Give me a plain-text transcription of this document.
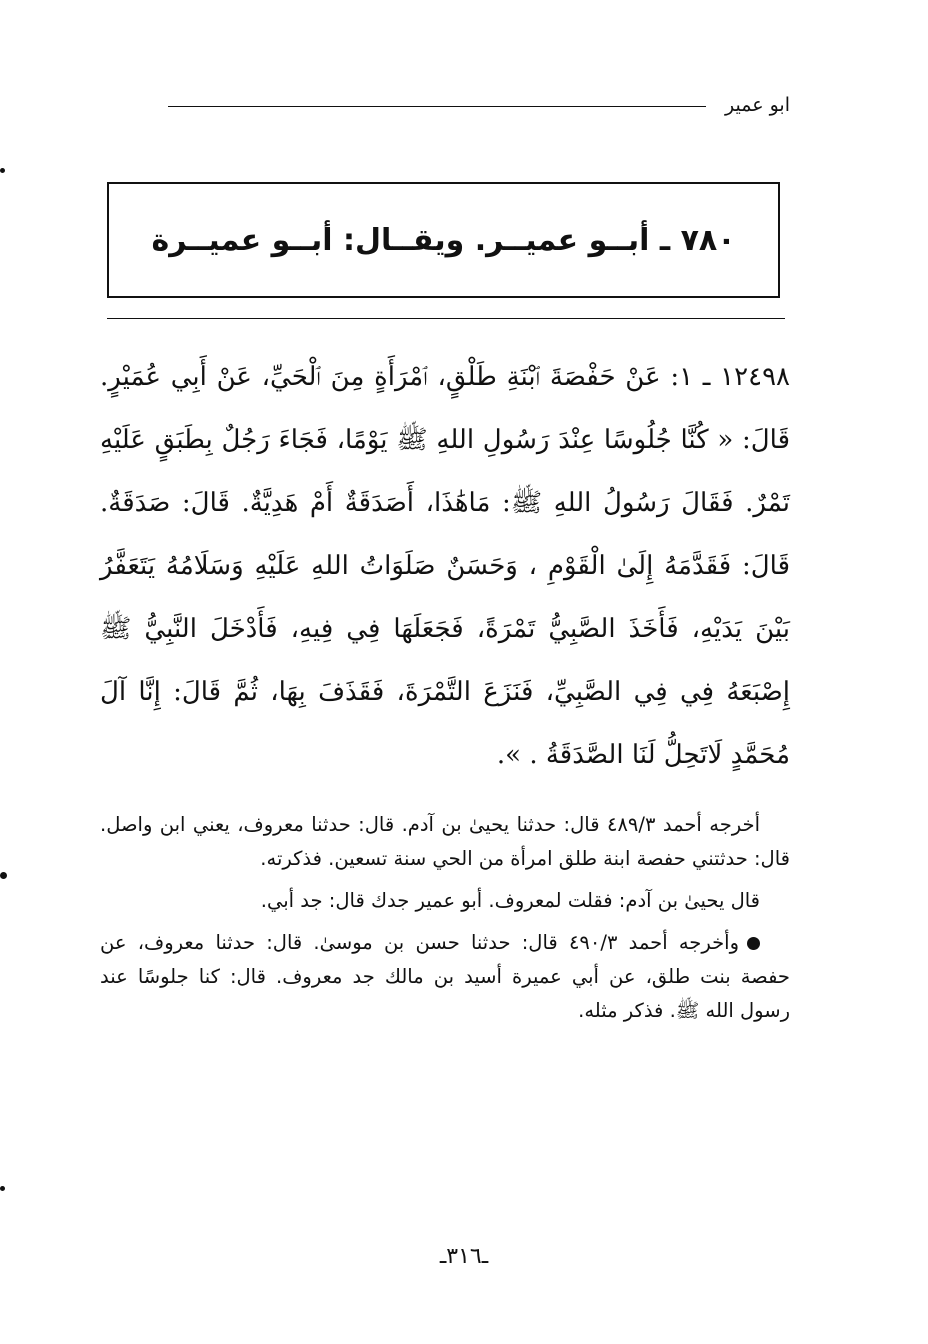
ابو عمير
٧٨٠ ـ أبــو عميــر. ويقــال: أبــو عميــرة

١٢٤٩٨ ـ ١: عَنْ حَفْصَةَ ٱبْنَةِ طَلْقٍ، ٱمْرَأَةٍ مِنَ ٱلْحَيِّ، عَنْ أَبِي عُمَيْرٍ. قَالَ: « كُنَّا جُلُوسًا عِنْدَ رَسُولِ اللهِ ﷺ يَوْمًا، فَجَاءَ رَجُلٌ بِطَبَقٍ عَلَيْهِ تَمْرٌ. فَقَالَ رَسُولُ اللهِ ﷺ: مَاهَٰذَا، أَصَدَقَةٌ أَمْ هَدِيَّةٌ. قَالَ: صَدَقَةٌ. قَالَ: فَقَدَّمَهُ إِلَىٰ الْقَوْمِ ، وَحَسَنٌ صَلَوَاتُ اللهِ عَلَيْهِ وَسَلَامُهُ يَتَعَفَّرُ بَيْنَ يَدَيْهِ، فَأَخَذَ الصَّبِيُّ تَمْرَةً، فَجَعَلَهَا فِي فِيهِ، فَأَدْخَلَ النَّبِيُّ ﷺ إِصْبَعَهُ فِي فِي الصَّبِيِّ، فَنَزَعَ التَّمْرَةَ، فَقَذَفَ بِهَا، ثُمَّ قَالَ: إِنَّا آلَ مُحَمَّدٍ لَاتَحِلُّ لَنَا الصَّدَقَةُ . ».

أخرجه أحمد ٤٨٩/٣ قال: حدثنا يحيىٰ بن آدم. قال: حدثنا معروف، يعني ابن واصل. قال: حدثتني حفصة ابنة طلق امرأة من الحي سنة تسعين. فذكرته.

قال يحيىٰ بن آدم: فقلت لمعروف. أبو عمير جدك قال: جد أبي.

وأخرجه أحمد ٤٩٠/٣ قال: حدثنا حسن بن موسىٰ. قال: حدثنا معروف، عن حفصة بنت طلق، عن أبي عميرة أسيد بن مالك جد معروف. قال: كنا جلوسًا عند رسول الله ﷺ. فذكر مثله.

ـ٣١٦ـ
